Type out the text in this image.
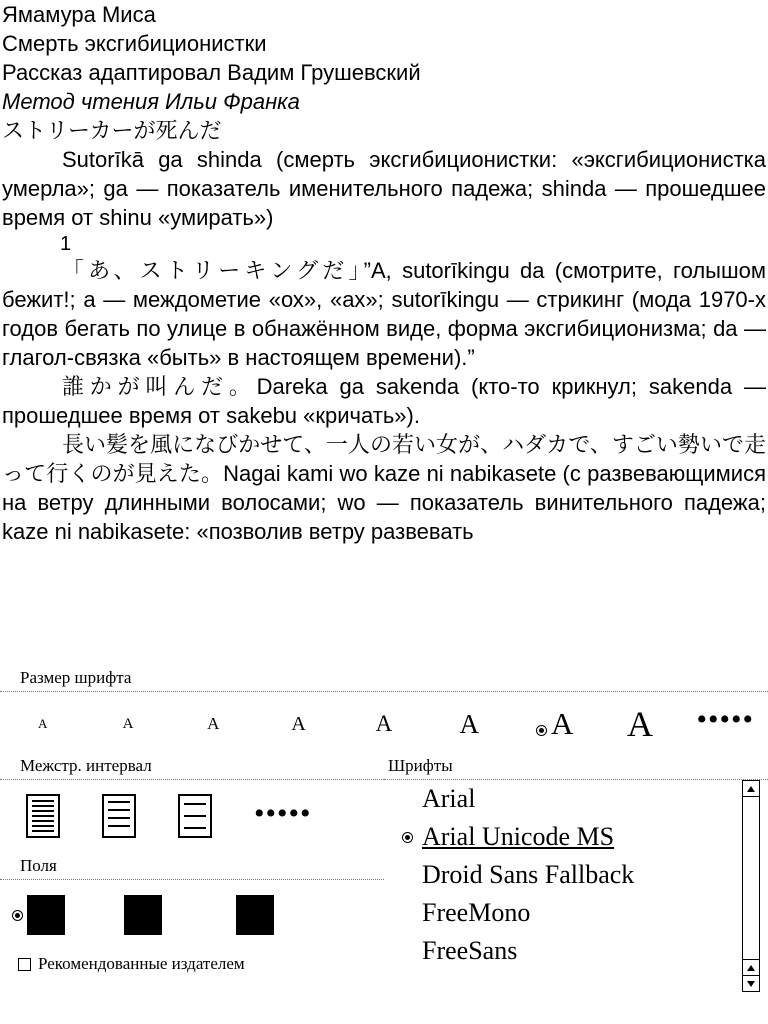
Ямамура Миса

Смерть эксгибиционистки

Рассказ адаптировал Вадим Грушевский

Метод чтения Ильи Франка

ストリーカーが死んだ

Sutorīkā ga shinda (смерть эксгибиционистки: «эксгибиционистка умерла»; ga — показатель именительного падежа; shinda — прошедшее время от shinu «умирать»)

1

「あ、ストリーキングだ」”A, sutorīkingu da (смотрите, голышом бежит!; a — междометие «ох», «ах»; sutorīkingu — стрикинг (мода 1970-х годов бегать по улице в обнажённом виде, форма эксгибиционизма; da — глагол-связка «быть» в настоящем времени).”

誰かが叫んだ。Dareka ga sakenda (кто-то крикнул; sakenda — прошедшее время от sakebu «кричать»).

長い髪を風になびかせて、一人の若い女が、ハダカで、すごい勢いで走って行くのが見えた。Nagai kami wo kaze ni nabikasete (с развевающимися на ветру длинными волосами; wo — показатель винительного падежа; kaze ni nabikasete: «позволив ветру развевать

Размер шрифта
A	A	A	A	A	A	A	A	•••••
Межстр. интервал
•••••
Поля
Рекомендованные издателем
Шрифты
Arial
Arial Unicode MS
Droid Sans Fallback
FreeMono
FreeSans
